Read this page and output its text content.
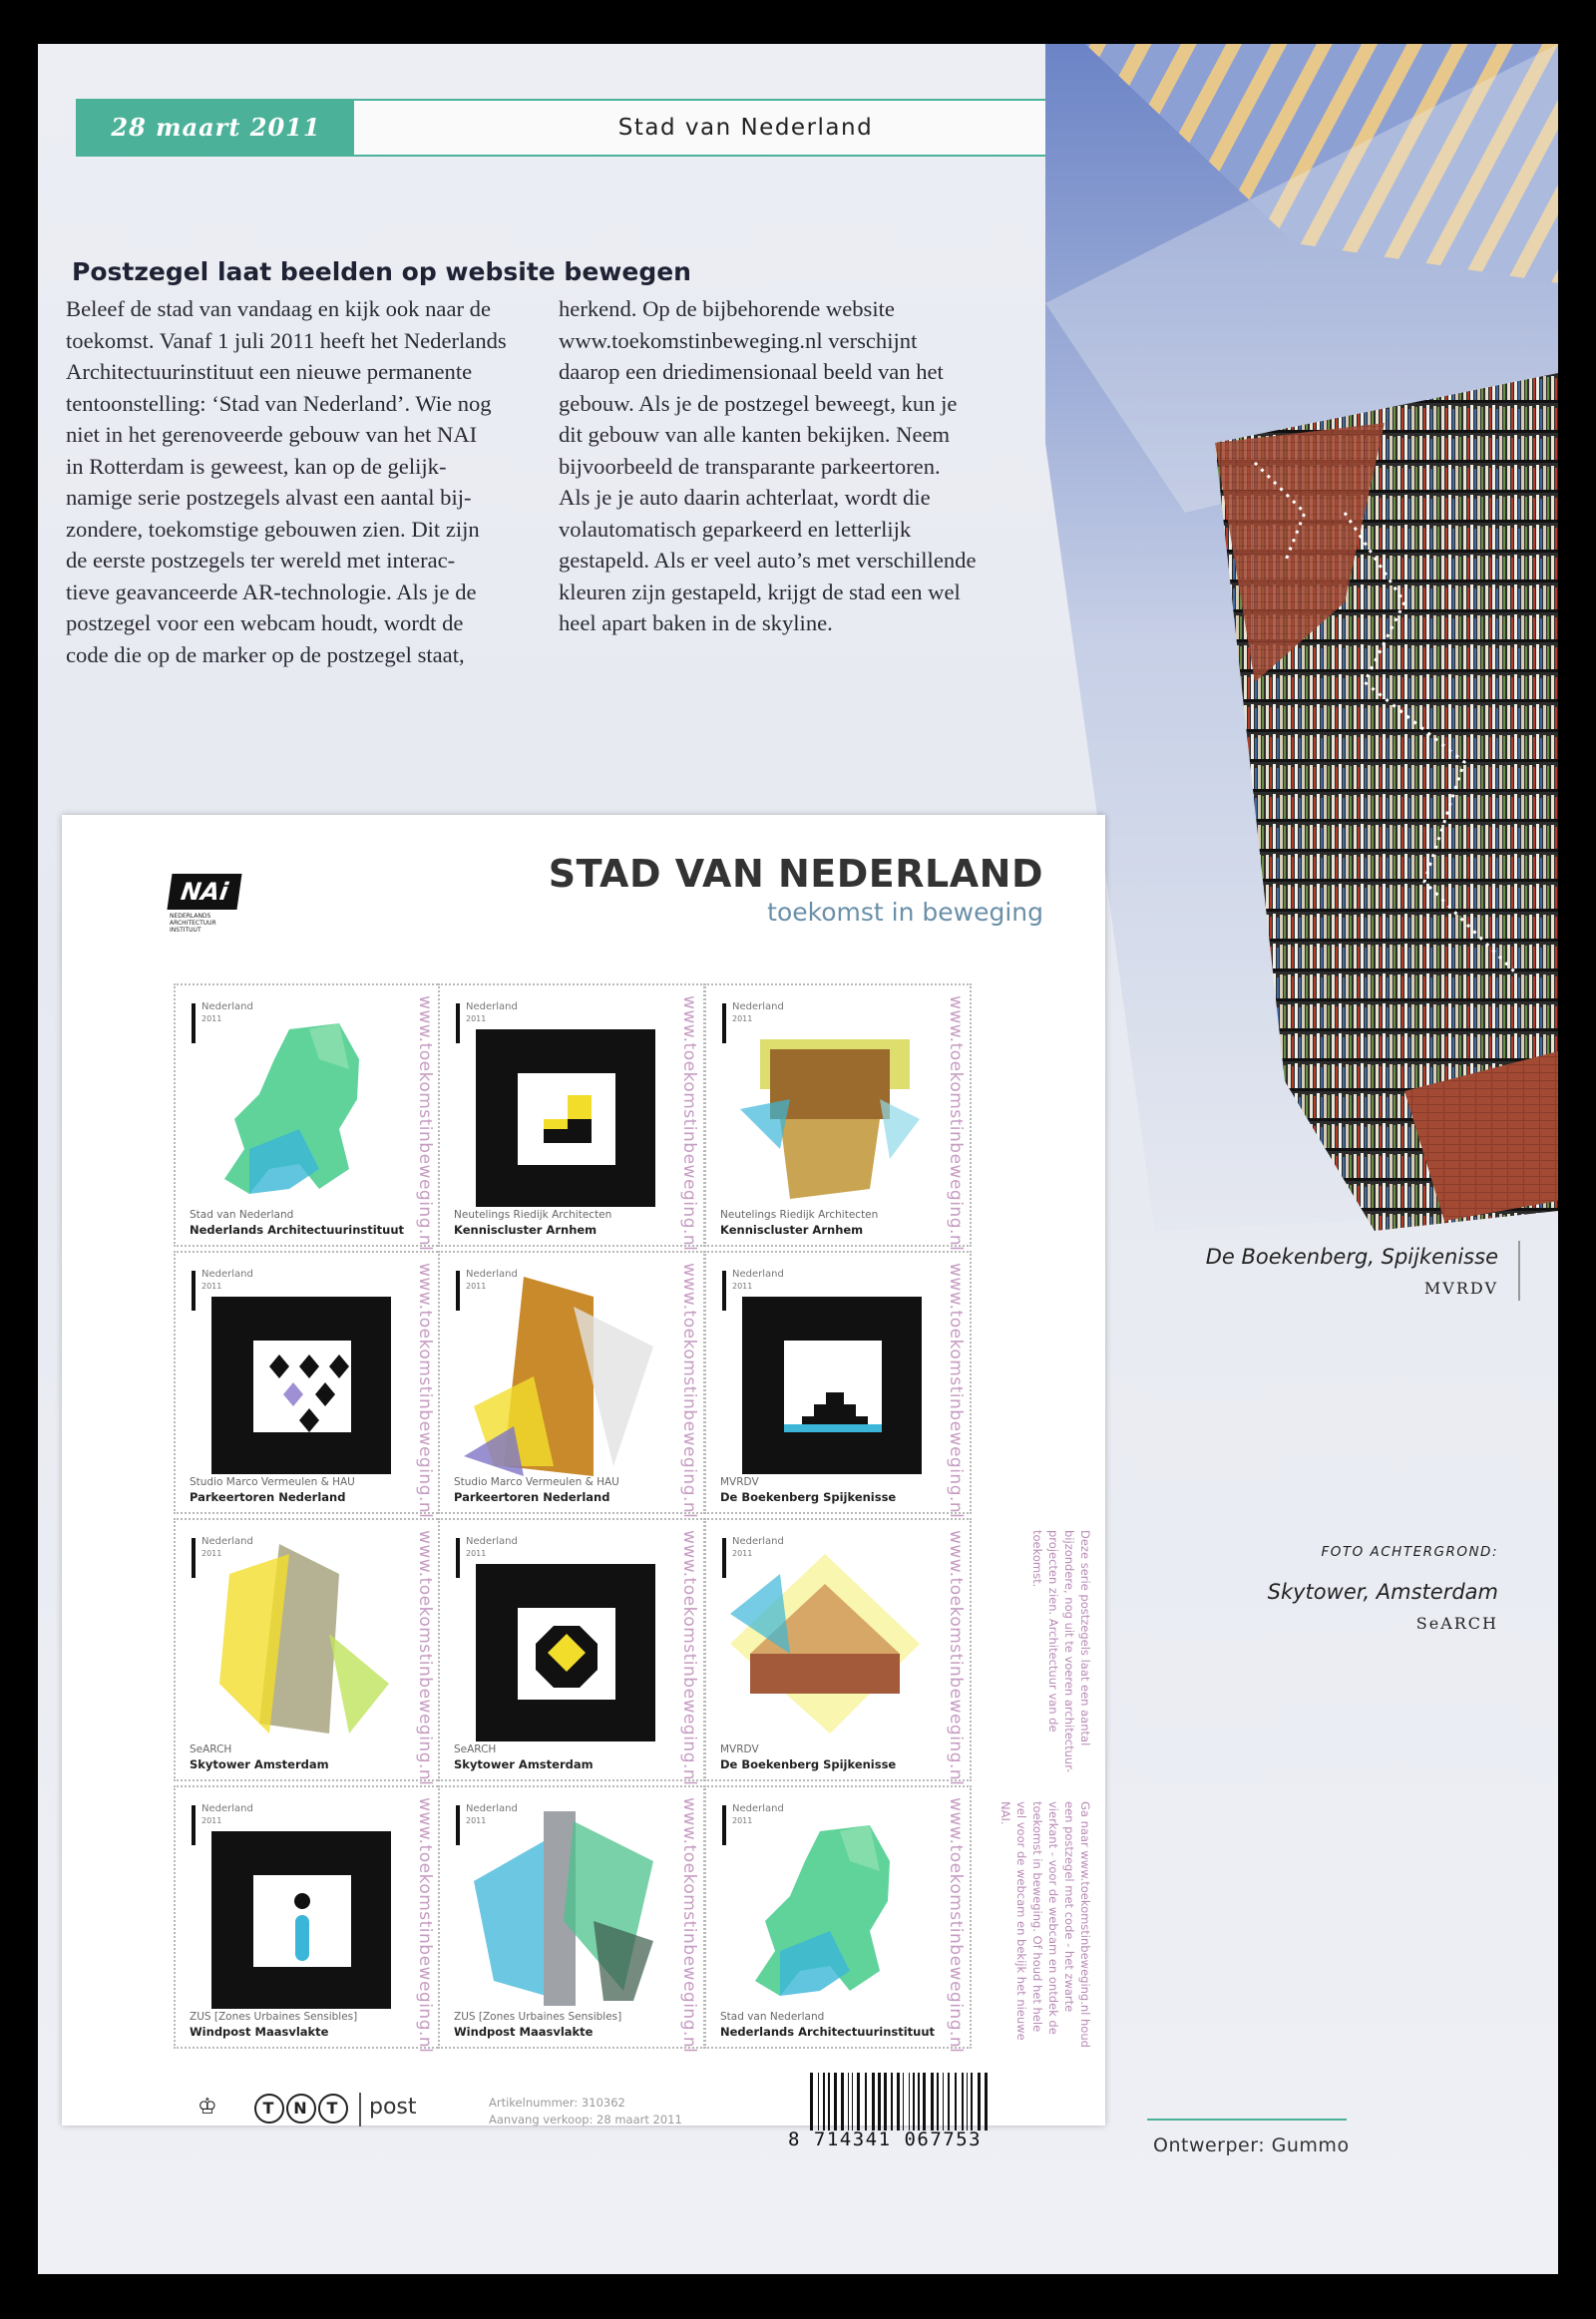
28 maart 2011	Stad van Nederland
Postzegel laat beelden op website bewegen
Beleef de stad van vandaag en kijk ook naar de
toekomst. Vanaf 1 juli 2011 heeft het Nederlands
Architectuurinstituut een nieuwe permanente
tentoonstelling: ‘Stad van Nederland’. Wie nog
niet in het gerenoveerde gebouw van het NAI
in Rotterdam is geweest, kan op de gelijk-
namige serie postzegels alvast een aantal bij-
zondere, toekomstige gebouwen zien. Dit zijn
de eerste postzegels ter wereld met interac-
tieve geavanceerde AR-technologie. Als je de
postzegel voor een webcam houdt, wordt de
code die op de marker op de postzegel staat,
herkend. Op de bijbehorende website
www.toekomstinbeweging.nl verschijnt
daarop een driedimensionaal beeld van het
gebouw. Als je de postzegel beweegt, kun je
dit gebouw van alle kanten bekijken. Neem
bijvoorbeeld de transparante parkeertoren.
Als je je auto daarin achterlaat, wordt die
volautomatisch geparkeerd en letterlijk
gestapeld. Als er veel auto’s met verschillende
kleuren zijn gestapeld, krijgt de stad een wel
heel apart baken in de skyline.
De Boekenberg, Spijkenisse
MVRDV
FOTO ACHTERGROND:
Skytower, Amsterdam
SeARCH
Ontwerper: Gummo
NAi
NEDERLANDS
ARCHITECTUUR
INSTITUUT
STAD VAN NEDERLAND
toekomst in beweging
Nederland
2011	www.toekomstinbeweging.nl
Stad van Nederland
Nederlands Architectuurinstituut
Nederland
2011	www.toekomstinbeweging.nl
Neutelings Riedijk Architecten
Kenniscluster Arnhem
Nederland
2011	www.toekomstinbeweging.nl
Neutelings Riedijk Architecten
Kenniscluster Arnhem
Nederland
2011	www.toekomstinbeweging.nl
Studio Marco Vermeulen & HAU
Parkeertoren Nederland
Nederland
2011	www.toekomstinbeweging.nl
Studio Marco Vermeulen & HAU
Parkeertoren Nederland
Nederland
2011	www.toekomstinbeweging.nl
MVRDV
De Boekenberg Spijkenisse
Nederland
2011	www.toekomstinbeweging.nl
SeARCH
Skytower Amsterdam
Nederland
2011	www.toekomstinbeweging.nl
SeARCH
Skytower Amsterdam
Nederland
2011	www.toekomstinbeweging.nl
MVRDV
De Boekenberg Spijkenisse
Nederland
2011	www.toekomstinbeweging.nl
ZUS [Zones Urbaines Sensibles]
Windpost Maasvlakte
Nederland
2011	www.toekomstinbeweging.nl
ZUS [Zones Urbaines Sensibles]
Windpost Maasvlakte
Nederland
2011	www.toekomstinbeweging.nl
Stad van Nederland
Nederlands Architectuurinstituut
Deze serie postzegels laat een aantal bijzondere, nog uit te voeren architectuur-projecten zien. Architectuur van de toekomst.
Ga naar www.toekomstinbeweging.nl houd een postzegel met code - het zwarte vierkant - voor de webcam en ontdek de toekomst in beweging. Of houd het hele vel voor de webcam en bekijk het nieuwe NAI.
♔	T N T	post	Artikelnummer: 310362
Aanvang verkoop: 28 maart 2011
8 714341 067753
